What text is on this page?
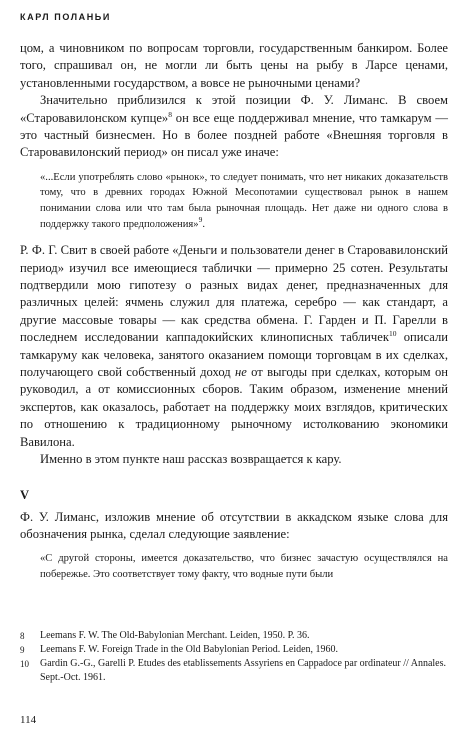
КАРЛ ПОЛАНЬИ

цом, а чиновником по вопросам торговли, государственным банкиром. Более того, спрашивал он, не могли ли быть цены на рыбу в Ларсе ценами, установленными государством, а вовсе не рыночными ценами?

Значительно приблизился к этой позиции Ф. У. Лиманс. В своем «Старовавилонском купце»$^8$ он все еще поддерживал мнение, что тамкарум — это частный бизнесмен. Но в более поздней работе «Внешняя торговля в Старовавилонский период» он писал уже иначе:

«...Если употреблять слово «рынок», то следует понимать, что нет никаких доказательств тому, что в древних городах Южной Месопотамии существовал рынок в нашем понимании слова или что там была рыночная площадь. Нет даже ни одного слова в поддержку такого предположения»$^9$.

Р. Ф. Г. Свит в своей работе «Деньги и пользователи денег в Старовавилонский период» изучил все имеющиеся таблички — примерно 25 сотен. Результаты подтвердили мою гипотезу о разных видах денег, предназначенных для различных целей: ячмень служил для платежа, серебро — как стандарт, а другие массовые товары — как средства обмена. Г. Гарден и П. Гарелли в последнем исследовании каппадокийских клинописных табличек$^{10}$ описали тамкаруму как человека, занятого оказанием помощи торговцам в их сделках, получающего свой собственный доход не от выгоды при сделках, которым он руководил, а от комиссионных сборов. Таким образом, изменение мнений экспертов, как оказалось, работает на поддержку моих взглядов, критических по отношению к традиционному рыночному истолкованию экономики Вавилона.

Именно в этом пункте наш рассказ возвращается к кару.

V

Ф. У. Лиманс, изложив мнение об отсутствии в аккадском языке слова для обозначения рынка, сделал следующие заявление:

«С другой стороны, имеется доказательство, что бизнес зачастую осуществлялся на побережье. Это соответствует тому факту, что водные пути были

8 Leemans F. W. The Old-Babylonian Merchant. Leiden, 1950. P. 36.
9 Leemans F. W. Foreign Trade in the Old Babylonian Period. Leiden, 1960.
10 Gardin G.-G., Garelli P. Etudes des etablissements Assyriens en Cappadoce par ordinateur // Annales. Sept.-Oct. 1961.
114
